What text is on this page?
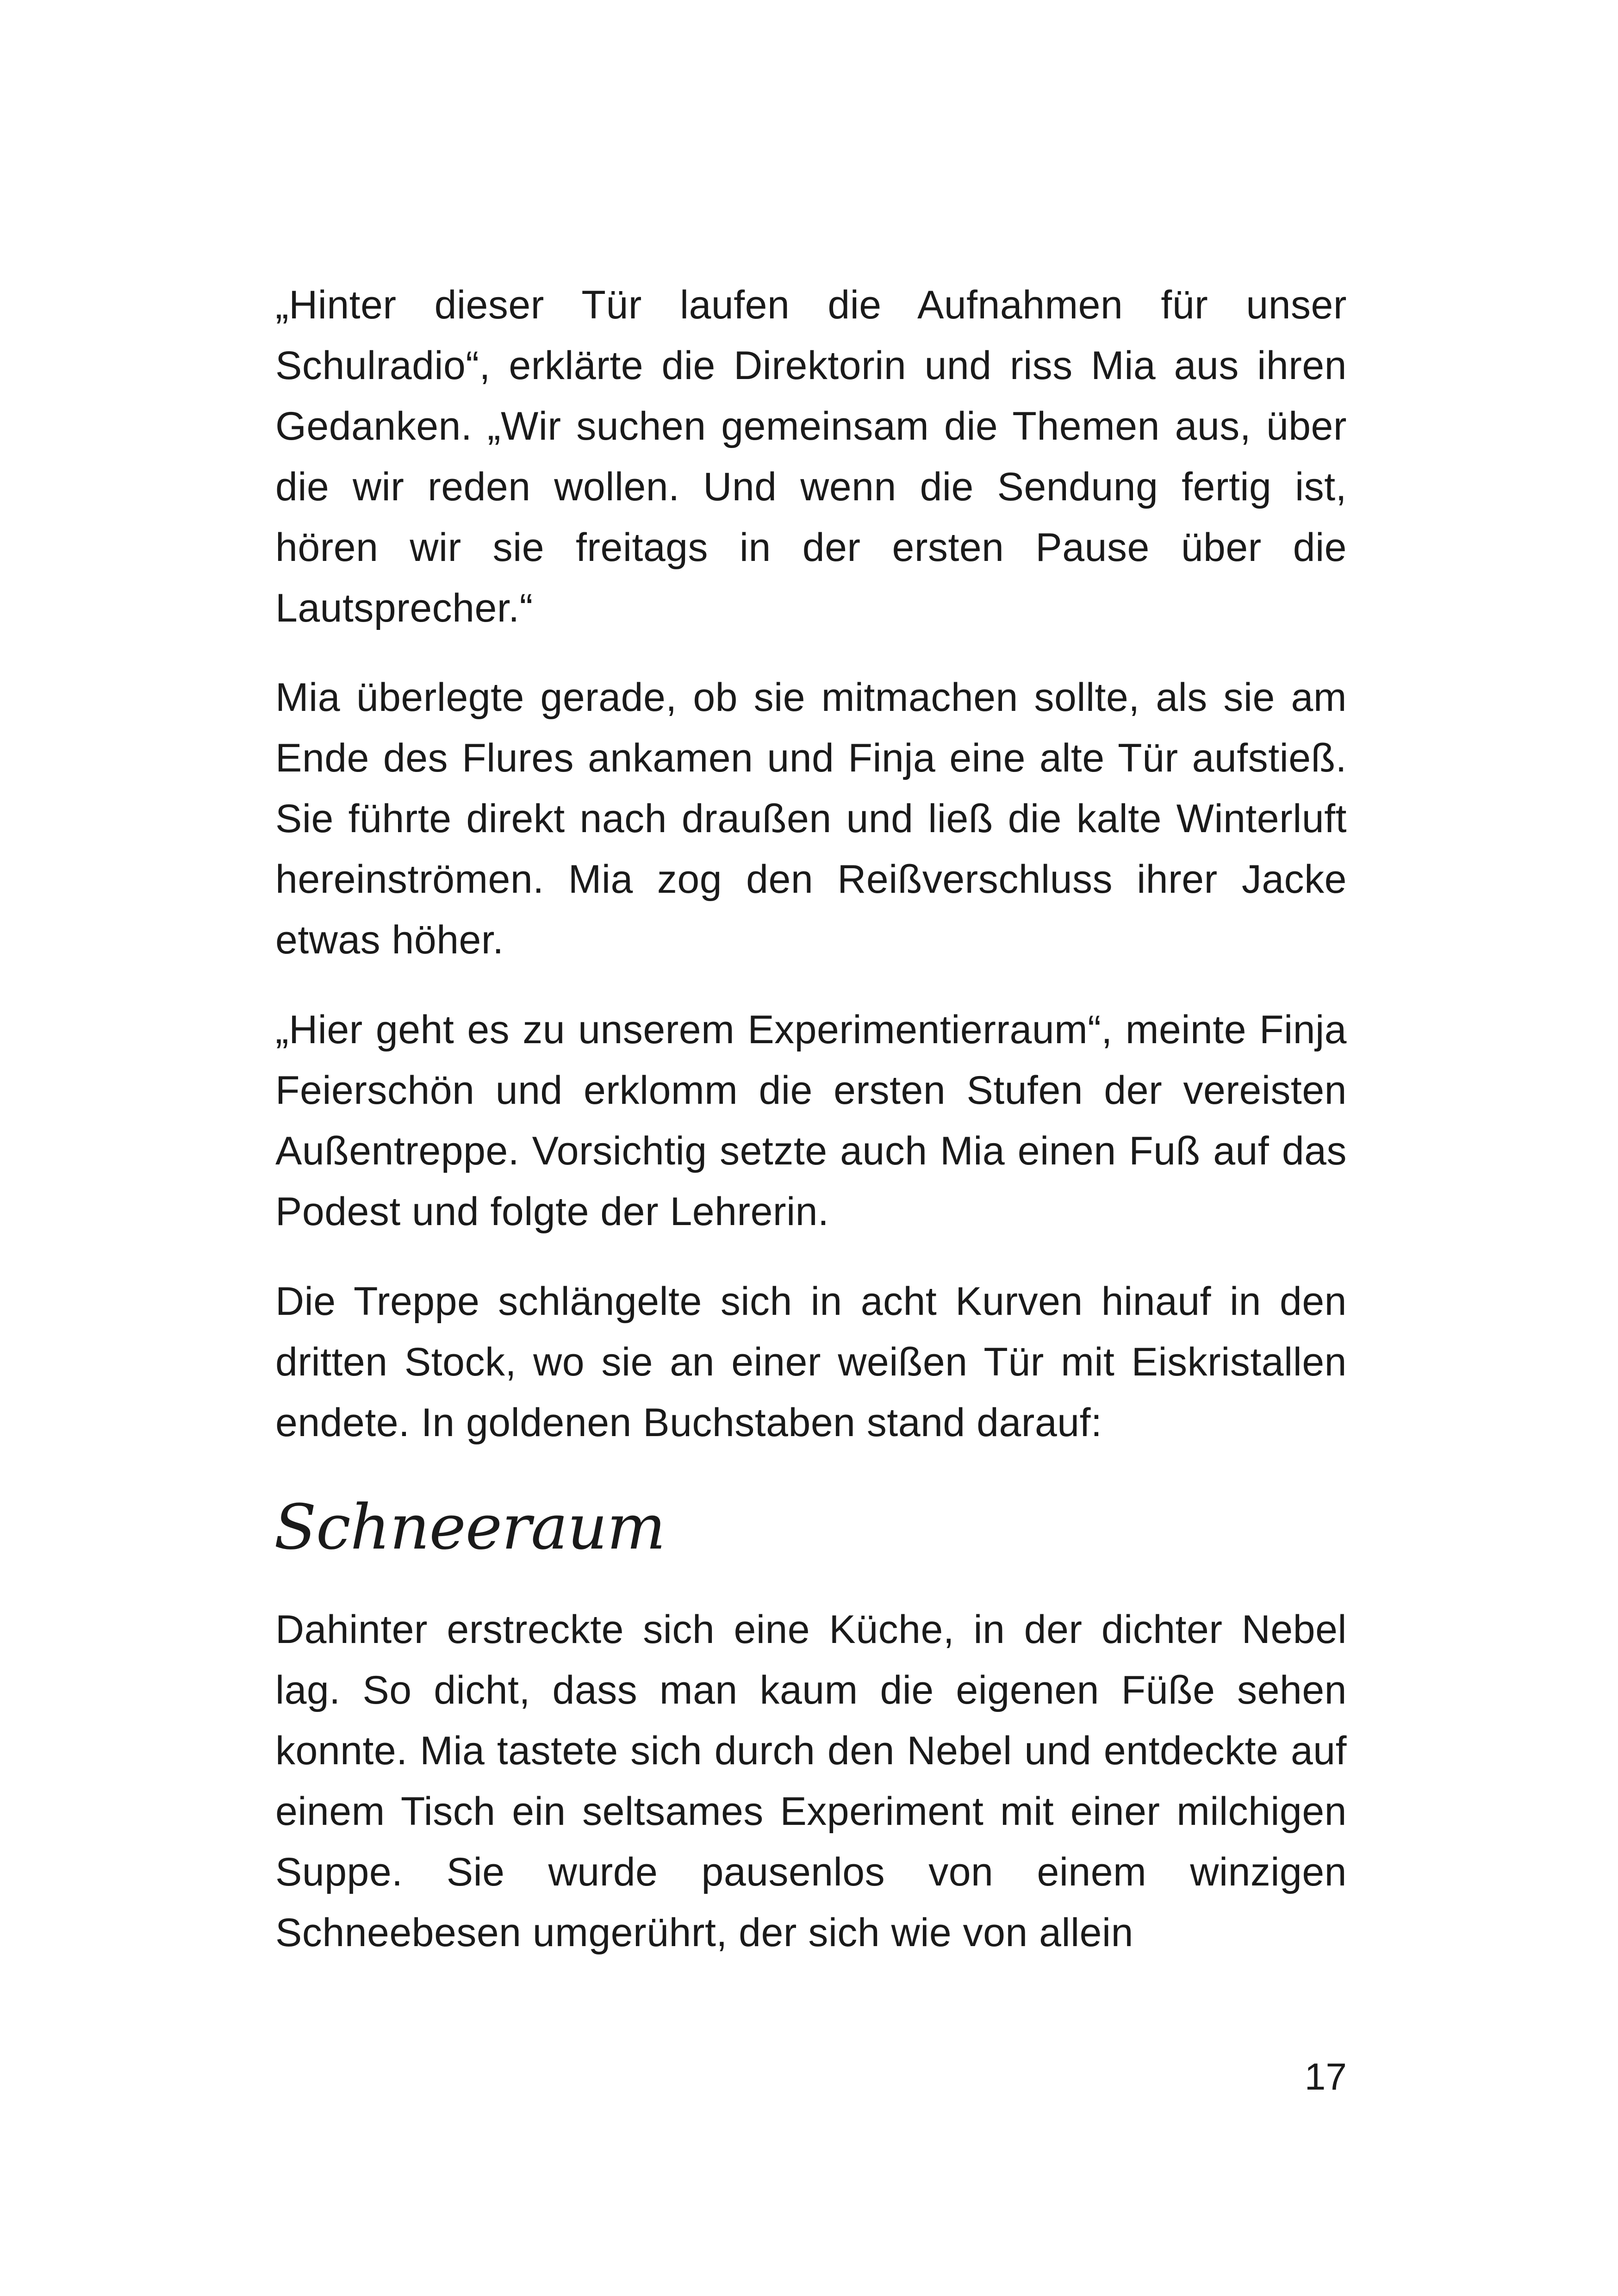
„Hinter dieser Tür laufen die Aufnahmen für unser Schulradio“, erklärte die Direktorin und riss Mia aus ihren Gedanken. „Wir suchen gemeinsam die Themen aus, über die wir reden wollen. Und wenn die Sendung fertig ist, hören wir sie freitags in der ersten Pause über die Lautsprecher.“

Mia überlegte gerade, ob sie mitmachen sollte, als sie am Ende des Flures ankamen und Finja eine alte Tür aufstieß. Sie führte direkt nach draußen und ließ die kalte Winterluft hereinströmen. Mia zog den Reißverschluss ihrer Jacke etwas höher.

„Hier geht es zu unserem Experimentierraum“, meinte Finja Feierschön und erklomm die ersten Stufen der vereisten Außentreppe. Vorsichtig setzte auch Mia einen Fuß auf das Podest und folgte der Lehrerin.

Die Treppe schlängelte sich in acht Kurven hinauf in den dritten Stock, wo sie an einer weißen Tür mit Eiskristallen endete. In goldenen Buchstaben stand darauf:

Schneeraum

Dahinter erstreckte sich eine Küche, in der dichter Nebel lag. So dicht, dass man kaum die eigenen Füße sehen konnte. Mia tastete sich durch den Nebel und entdeckte auf einem Tisch ein seltsames Experiment mit einer milchigen Suppe. Sie wurde pausenlos von einem winzigen Schneebesen umgerührt, der sich wie von allein

17
